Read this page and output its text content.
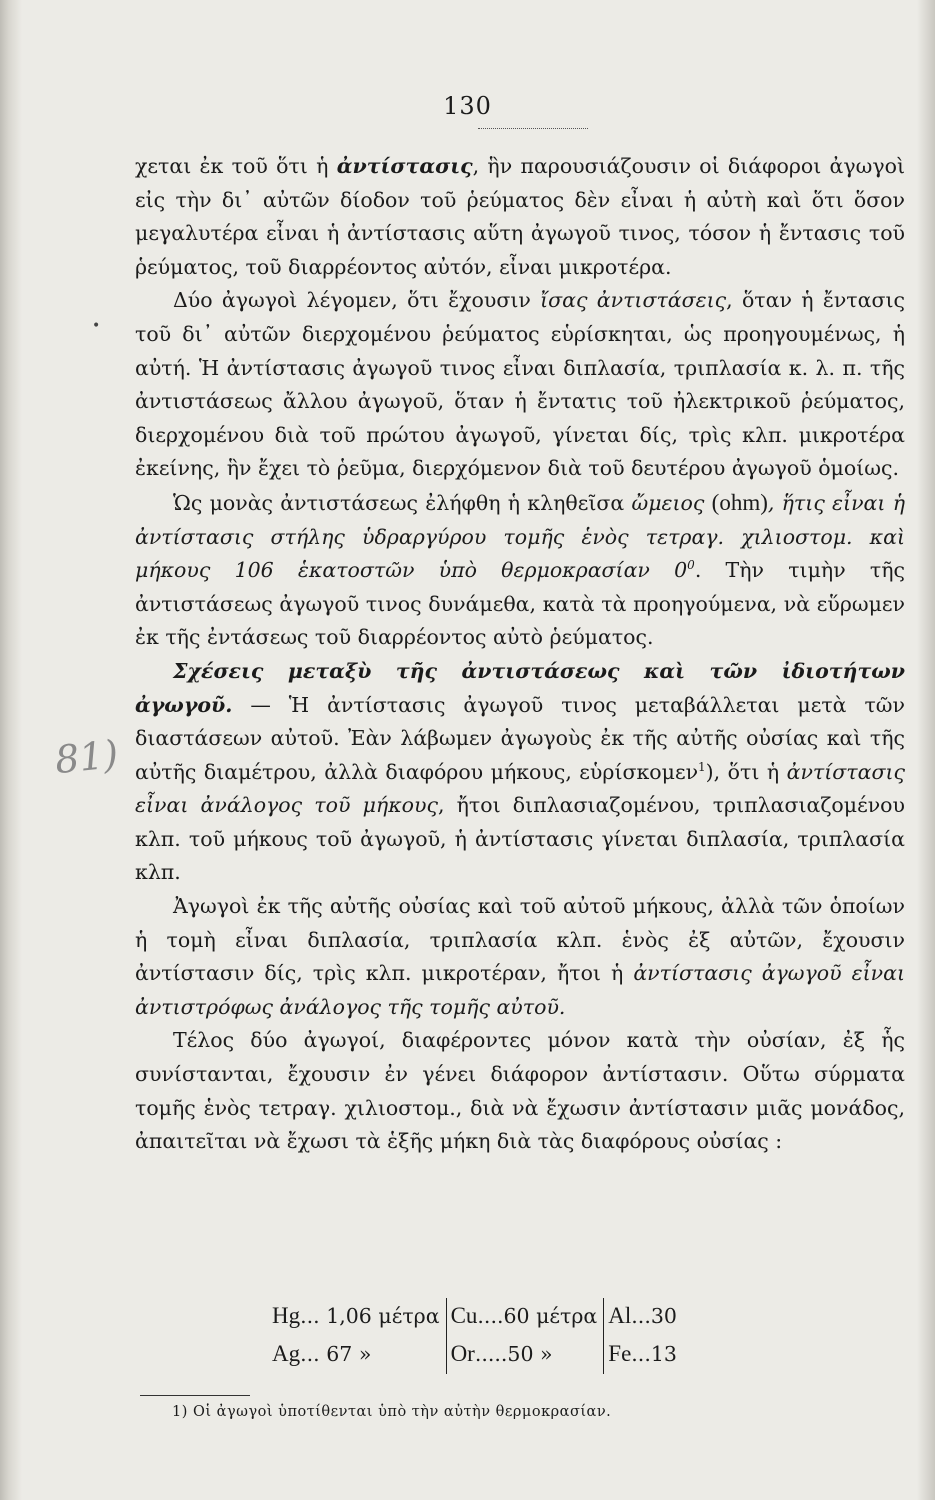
130
•
81)

χεται ἐκ τοῦ ὅτι ἡ ἀντίστασις, ἣν παρουσιάζουσιν οἱ διάφοροι ἀγωγοὶ εἰς τὴν δι᾿ αὐτῶν δίοδον τοῦ ῥεύματος δὲν εἶναι ἡ αὐτὴ καὶ ὅτι ὅσον μεγαλυτέρα εἶναι ἡ ἀντίστασις αὕτη ἀγωγοῦ τινος, τόσον ἡ ἔντασις τοῦ ῥεύματος, τοῦ διαρρέοντος αὐτόν, εἶναι μικροτέρα.

Δύο ἀγωγοὶ λέγομεν, ὅτι ἔχουσιν ἴσας ἀντιστάσεις, ὅταν ἡ ἔντασις τοῦ δι᾿ αὐτῶν διερχομένου ῥεύματος εὑρίσκηται, ὡς προηγουμένως, ἡ αὐτή. Ἡ ἀντίστασις ἀγωγοῦ τινος εἶναι διπλασία, τριπλασία κ. λ. π. τῆς ἀντιστάσεως ἄλλου ἀγωγοῦ, ὅταν ἡ ἔντατις τοῦ ἠλεκτρικοῦ ῥεύματος, διερχομένου διὰ τοῦ πρώτου ἀγωγοῦ, γίνεται δίς, τρὶς κλπ. μικροτέρα ἐκείνης, ἣν ἔχει τὸ ῥεῦμα, διερχόμενον διὰ τοῦ δευτέρου ἀγωγοῦ ὁμοίως.

Ὡς μονὰς ἀντιστάσεως ἐλήφθη ἡ κληθεῖσα ὤμειος (ohm), ἥτις εἶναι ἡ ἀντίστασις στήλης ὑδραργύρου τομῆς ἑνὸς τετραγ. χιλιοστομ. καὶ μήκους 106 ἑκατοστῶν ὑπὸ θερμοκρασίαν $0^0$. Τὴν τιμὴν τῆς ἀντιστάσεως ἀγωγοῦ τινος δυνάμεθα, κατὰ τὰ προηγούμενα, νὰ εὕρωμεν ἐκ τῆς ἐντάσεως τοῦ διαρρέοντος αὐτὸ ῥεύματος.

Σχέσεις μεταξὺ τῆς ἀντιστάσεως καὶ τῶν ἰδιοτήτων ἀγωγοῦ. — Ἡ ἀντίστασις ἀγωγοῦ τινος μεταβάλλεται μετὰ τῶν διαστάσεων αὐτοῦ. Ἐὰν λάβωμεν ἀγωγοὺς ἐκ τῆς αὐτῆς οὐσίας καὶ τῆς αὐτῆς διαμέτρου, ἀλλὰ διαφόρου μήκους, εὑρίσκομεν$^1$), ὅτι ἡ ἀντίστασις εἶναι ἀνάλογος τοῦ μήκους, ἤτοι διπλασιαζομένου, τριπλασιαζομένου κλπ. τοῦ μήκους τοῦ ἀγωγοῦ, ἡ ἀντίστασις γίνεται διπλασία, τριπλασία κλπ.

Ἀγωγοὶ ἐκ τῆς αὐτῆς οὐσίας καὶ τοῦ αὐτοῦ μήκους, ἀλλὰ τῶν ὁποίων ἡ τομὴ εἶναι διπλασία, τριπλασία κλπ. ἑνὸς ἐξ αὐτῶν, ἔχουσιν ἀντίστασιν δίς, τρὶς κλπ. μικροτέραν, ἤτοι ἡ ἀντίστασις ἀγωγοῦ εἶναι ἀντιστρόφως ἀνάλογος τῆς τομῆς αὐτοῦ.

Τέλος δύο ἀγωγοί, διαφέροντες μόνον κατὰ τὴν οὐσίαν, ἐξ ἧς συνίστανται, ἔχουσιν ἐν γένει διάφορον ἀντίστασιν. Οὕτω σύρματα τομῆς ἑνὸς τετραγ. χιλιοστομ., διὰ νὰ ἔχωσιν ἀντίστασιν μιᾶς μονάδος, ἀπαιτεῖται νὰ ἔχωσι τὰ ἑξῆς μήκη διὰ τὰς διαφόρους οὐσίας :

Hg... 1,06 μέτρα	Cu....60 μέτρα	Al...30
Ag... 67 »	Or.....50 »	Fe...13
1) Οἱ ἀγωγοὶ ὑποτίθενται ὑπὸ τὴν αὐτὴν θερμοκρασίαν.
